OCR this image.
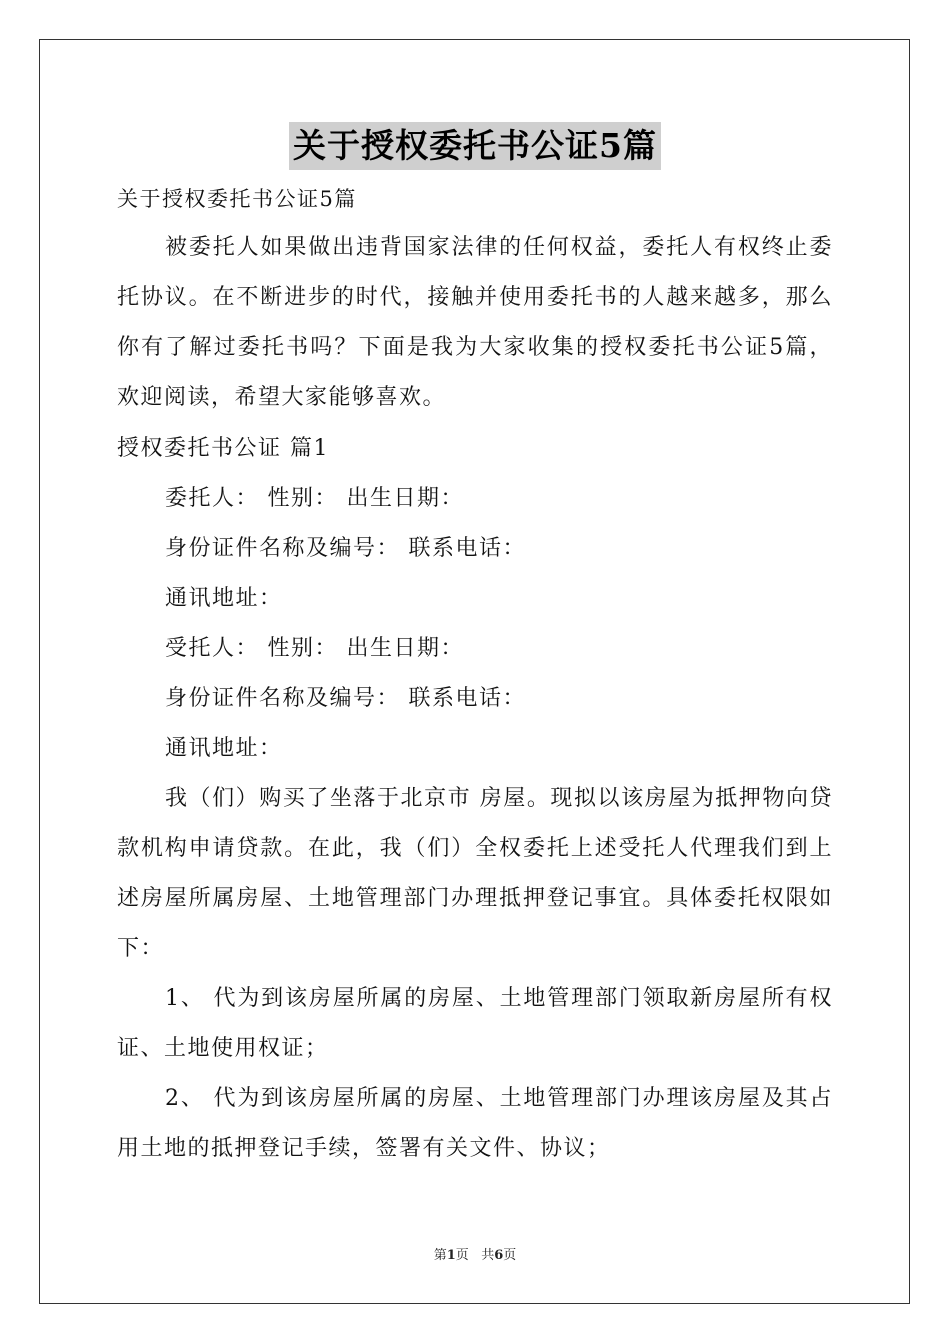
关于授权委托书公证5篇
关于授权委托书公证5篇

被委托人如果做出违背国家法律的任何权益，委托人有权终止委托协议。在不断进步的时代，接触并使用委托书的人越来越多，那么你有了解过委托书吗？下面是我为大家收集的授权委托书公证5篇，欢迎阅读，希望大家能够喜欢。

授权委托书公证 篇1

委托人： 性别： 出生日期：

身份证件名称及编号： 联系电话：

通讯地址：

受托人： 性别： 出生日期：

身份证件名称及编号： 联系电话：

通讯地址：

我（们）购买了坐落于北京市 房屋。现拟以该房屋为抵押物向贷款机构申请贷款。在此，我（们）全权委托上述受托人代理我们到上述房屋所属房屋、土地管理部门办理抵押登记事宜。具体委托权限如下：

1、 代为到该房屋所属的房屋、土地管理部门领取新房屋所有权证、土地使用权证；

2、 代为到该房屋所属的房屋、土地管理部门办理该房屋及其占用土地的抵押登记手续，签署有关文件、协议；

第1页 共6页
